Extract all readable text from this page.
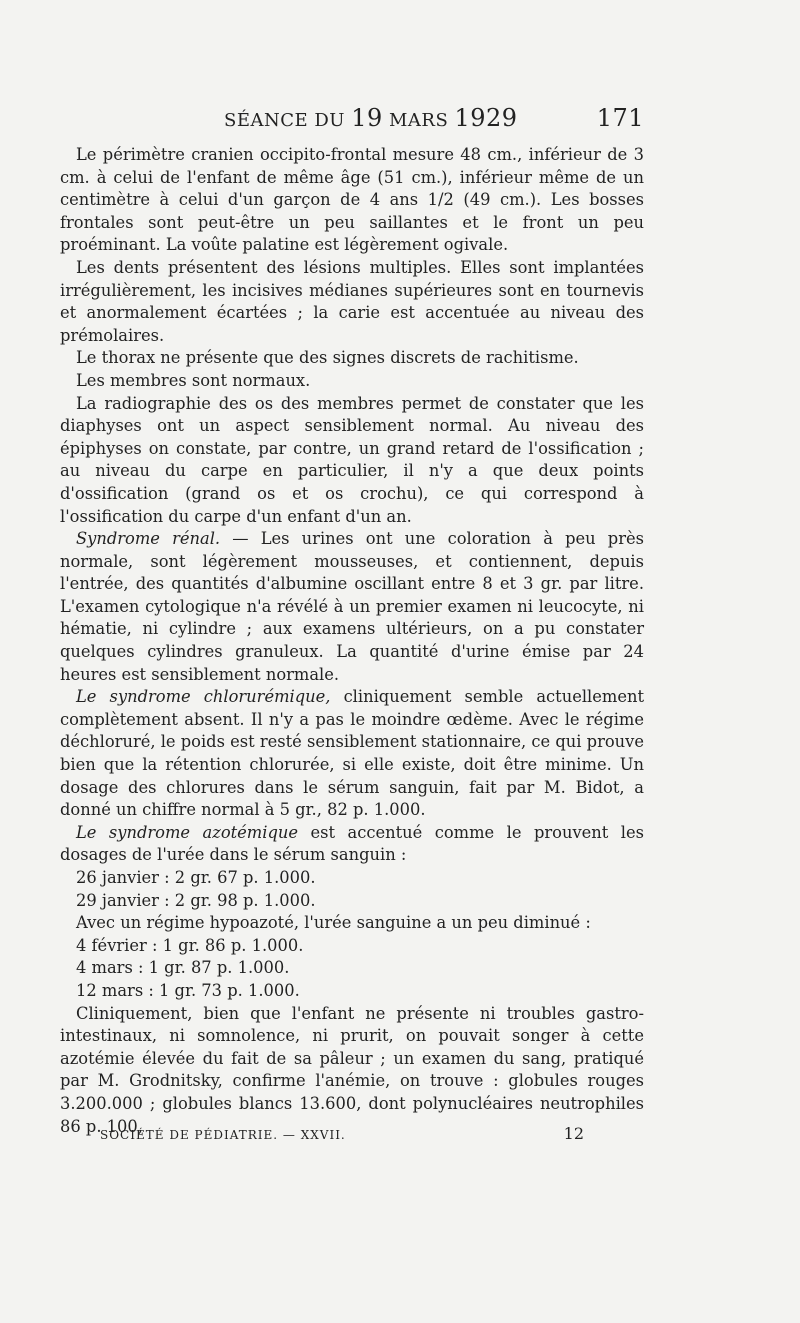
SÉANCE DU 19 MARS 1929	171

Le périmètre cranien occipito-frontal mesure 48 cm., inférieur de 3 cm. à celui de l'enfant de même âge (51 cm.), inférieur même de un centimètre à celui d'un garçon de 4 ans 1/2 (49 cm.). Les bosses frontales sont peut-être un peu saillantes et le front un peu proéminant. La voûte palatine est légèrement ogivale.

Les dents présentent des lésions multiples. Elles sont implantées irrégulièrement, les incisives médianes supérieures sont en tournevis et anormalement écartées ; la carie est accentuée au niveau des prémolaires.

Le thorax ne présente que des signes discrets de rachitisme.

Les membres sont normaux.

La radiographie des os des membres permet de constater que les diaphyses ont un aspect sensiblement normal. Au niveau des épiphyses on constate, par contre, un grand retard de l'ossification ; au niveau du carpe en particulier, il n'y a que deux points d'ossification (grand os et os crochu), ce qui correspond à l'ossification du carpe d'un enfant d'un an.

Syndrome rénal. — Les urines ont une coloration à peu près normale, sont légèrement mousseuses, et contiennent, depuis l'entrée, des quantités d'albumine oscillant entre 8 et 3 gr. par litre. L'examen cytologique n'a révélé à un premier examen ni leucocyte, ni hématie, ni cylindre ; aux examens ultérieurs, on a pu constater quelques cylindres granuleux. La quantité d'urine émise par 24 heures est sensiblement normale.

Le syndrome chlorurémique, cliniquement semble actuellement complètement absent. Il n'y a pas le moindre œdème. Avec le régime déchloruré, le poids est resté sensiblement stationnaire, ce qui prouve bien que la rétention chlorurée, si elle existe, doit être minime. Un dosage des chlorures dans le sérum sanguin, fait par M. Bidot, a donné un chiffre normal à 5 gr., 82 p. 1.000.

Le syndrome azotémique est accentué comme le prouvent les dosages de l'urée dans le sérum sanguin :

26 janvier : 2 gr. 67 p. 1.000.

29 janvier : 2 gr. 98 p. 1.000.

Avec un régime hypoazoté, l'urée sanguine a un peu diminué :

4 février : 1 gr. 86 p. 1.000.

4 mars : 1 gr. 87 p. 1.000.

12 mars : 1 gr. 73 p. 1.000.

Cliniquement, bien que l'enfant ne présente ni troubles gastro-intestinaux, ni somnolence, ni prurit, on pouvait songer à cette azotémie élevée du fait de sa pâleur ; un examen du sang, pratiqué par M. Grodnitsky, confirme l'anémie, on trouve : globules rouges 3.200.000 ; globules blancs 13.600, dont polynucléaires neutrophiles 86 p. 100,

SOCIÉTÉ DE PÉDIATRIE. — XXVII.	12
